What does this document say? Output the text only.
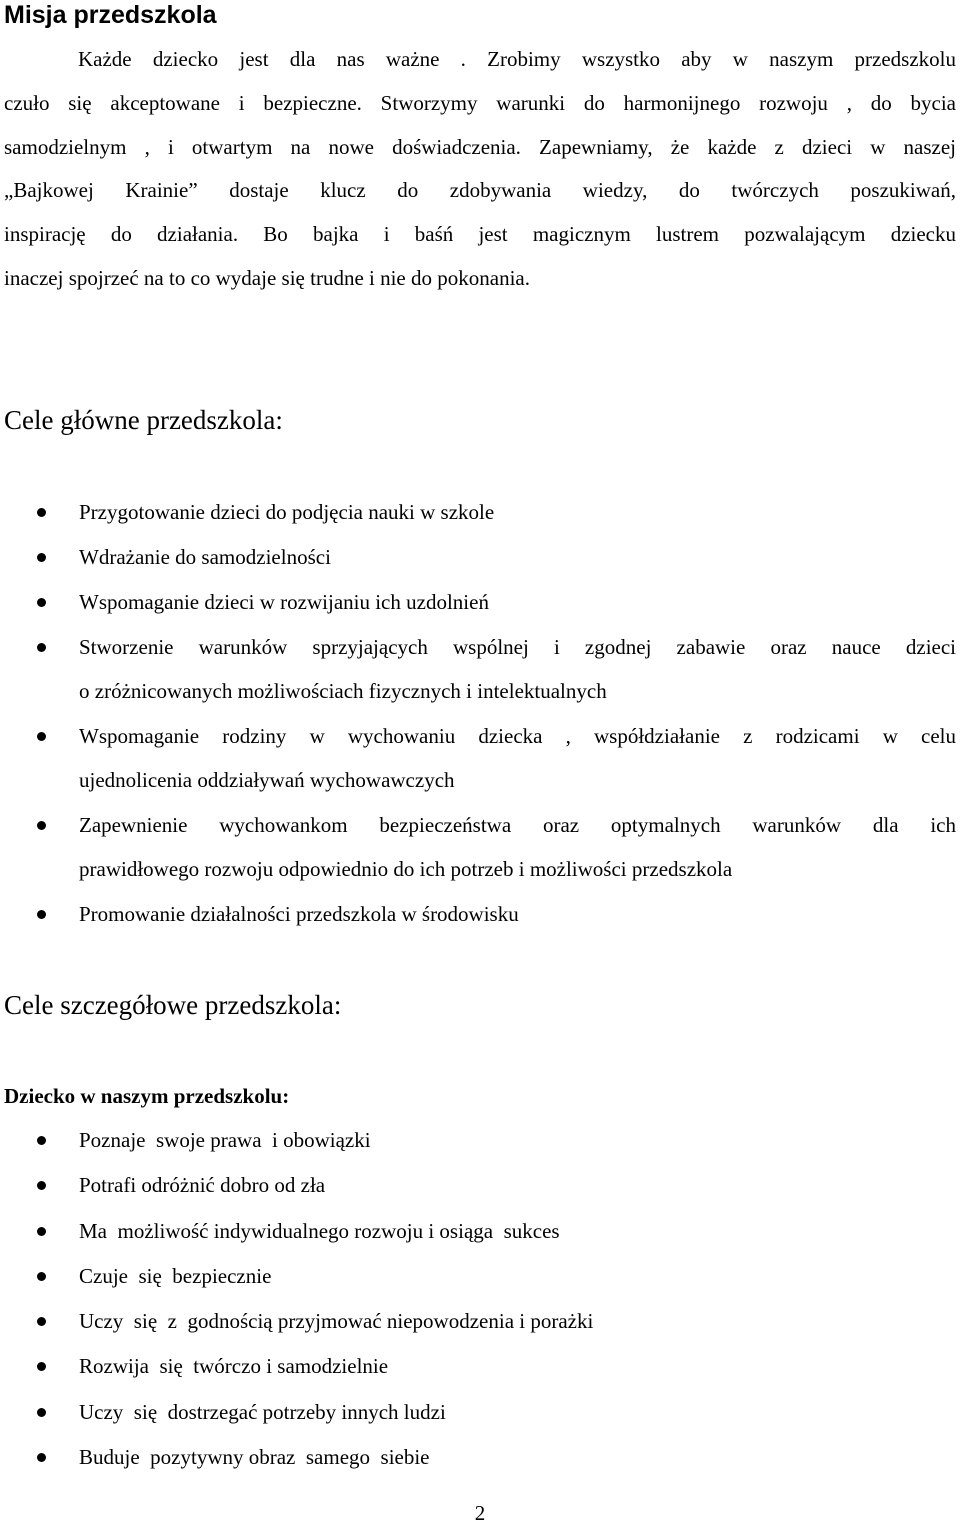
Misja przedszkola
Każde dziecko jest dla nas ważne . Zrobimy wszystko aby w naszym przedszkolu
czuło się akceptowane i bezpieczne. Stworzymy warunki do harmonijnego rozwoju , do bycia
samodzielnym , i otwartym na nowe doświadczenia. Zapewniamy, że każde z dzieci w naszej
„Bajkowej Krainie” dostaje klucz do zdobywania wiedzy, do twórczych poszukiwań,
inspirację do działania. Bo bajka i baśń jest magicznym lustrem pozwalającym dziecku
inaczej spojrzeć na to co wydaje się trudne i nie do pokonania.
Cele główne przedszkola:
Przygotowanie dzieci do podjęcia nauki w szkole
Wdrażanie do samodzielności
Wspomaganie dzieci w rozwijaniu ich uzdolnień
Stworzenie warunków sprzyjających wspólnej i zgodnej zabawie oraz nauce dzieci
o zróżnicowanych możliwościach fizycznych i intelektualnych
Wspomaganie rodziny w wychowaniu dziecka , współdziałanie z rodzicami w celu
ujednolicenia oddziaływań wychowawczych
Zapewnienie wychowankom bezpieczeństwa oraz optymalnych warunków dla ich
prawidłowego rozwoju odpowiednio do ich potrzeb i możliwości przedszkola
Promowanie działalności przedszkola w środowisku
Cele szczegółowe przedszkola:
Dziecko w naszym przedszkolu:
Poznaje  swoje prawa  i obowiązki
Potrafi odróżnić dobro od zła
Ma  możliwość indywidualnego rozwoju i osiąga  sukces
Czuje  się  bezpiecznie
Uczy  się  z  godnością przyjmować niepowodzenia i porażki
Rozwija  się  twórczo i samodzielnie
Uczy  się  dostrzegać potrzeby innych ludzi
Buduje  pozytywny obraz  samego  siebie
2
